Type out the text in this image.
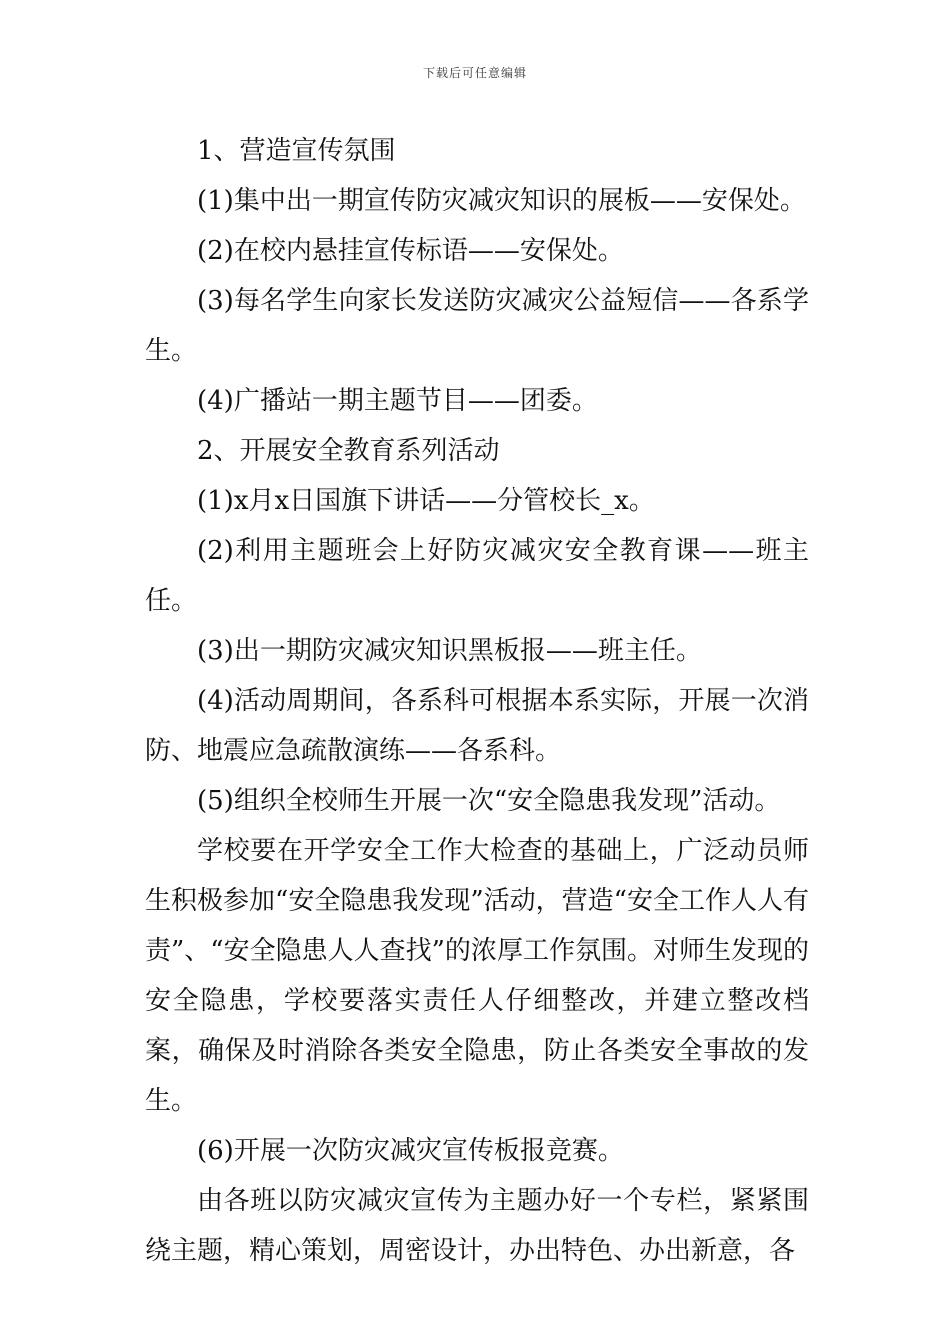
下载后可任意编辑

1、营造宣传氛围

(1)集中出一期宣传防灾减灾知识的展板——安保处。

(2)在校内悬挂宣传标语——安保处。

(3)每名学生向家长发送防灾减灾公益短信——各系学生。

(4)广播站一期主题节目——团委。

2、开展安全教育系列活动

(1)x月x日国旗下讲话——分管校长_x。

(2)利用主题班会上好防灾减灾安全教育课——班主任。

(3)出一期防灾减灾知识黑板报——班主任。

(4)活动周期间，各系科可根据本系实际，开展一次消防、地震应急疏散演练——各系科。

(5)组织全校师生开展一次“安全隐患我发现”活动。

学校要在开学安全工作大检查的基础上，广泛动员师生积极参加“安全隐患我发现”活动，营造“安全工作人人有责”、“安全隐患人人查找”的浓厚工作氛围。对师生发现的安全隐患，学校要落实责任人仔细整改，并建立整改档案，确保及时消除各类安全隐患，防止各类安全事故的发生。

(6)开展一次防灾减灾宣传板报竞赛。

由各班以防灾减灾宣传为主题办好一个专栏，紧紧围绕主题，精心策划，周密设计，办出特色、办出新意，各
